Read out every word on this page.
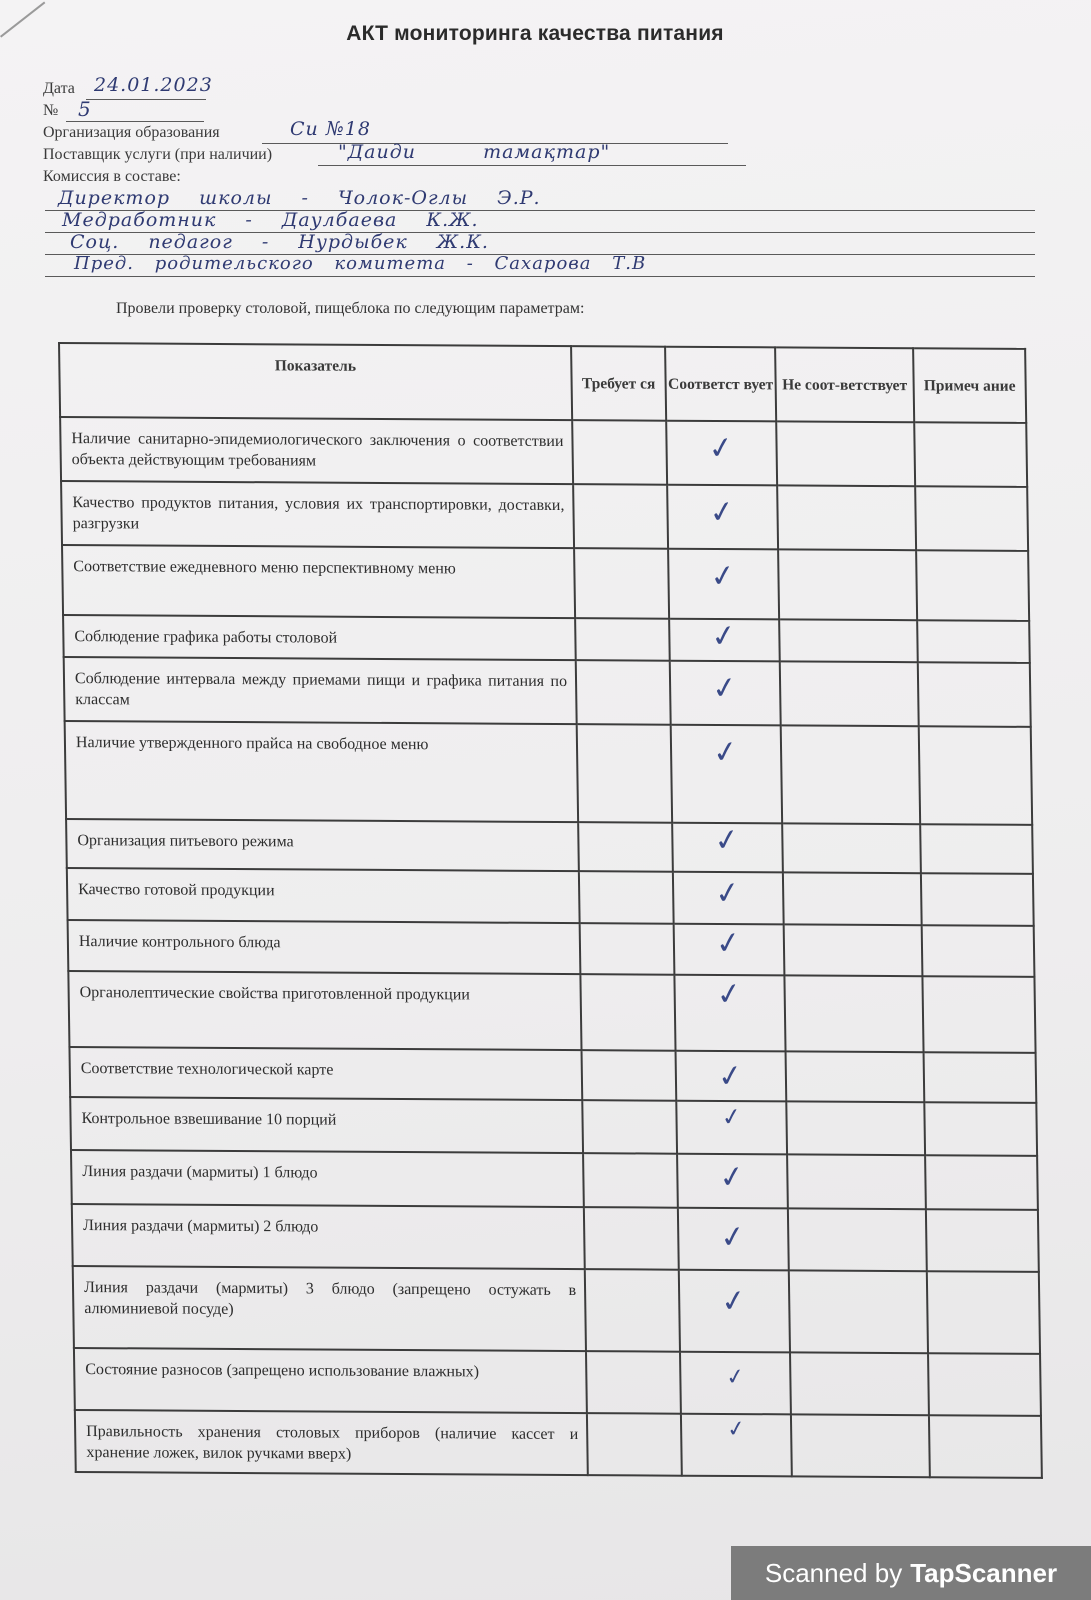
АКТ мониторинга качества питания
Дата 24.01.2023
№ 5
Организация образования	Си №18
Поставщик услуги (при наличии)	"Даиди тамақтар"
Комиссия в составе:
Директор школы - Чолок-Оглы Э.Р.
Медработник - Даулбаева К.Ж.
Соц. педагог - Нурдыбек Ж.К.
Пред. родительского комитета - Сахарова Т.В
Провели проверку столовой, пищеблока по следующим параметрам:
Показатель	Требует ся	Соответст вует	Не соот-ветствует	Примеч ание
Наличие санитарно-эпидемиологического заключения о соответствии объекта действующим требованиям		✓		
Качество продуктов питания, условия их транспортировки, доставки, разгрузки		✓		
Соответствие ежедневного меню перспективному меню		✓		
Соблюдение графика работы столовой		✓		
Соблюдение интервала между приемами пищи и графика питания по классам		✓		
Наличие утвержденного прайса на свободное меню		✓		
Организация питьевого режима		✓		
Качество готовой продукции		✓		
Наличие контрольного блюда		✓		
Органолептические свойства приготовленной продукции		✓		
Соответствие технологической карте		✓		
Контрольное взвешивание 10 порций		✓		
Линия раздачи (мармиты) 1 блюдо		✓		
Линия раздачи (мармиты) 2 блюдо		✓		
Линия раздачи (мармиты) 3 блюдо (запрещено остужать в алюминиевой посуде)		✓		
Состояние разносов (запрещено использование влажных)		✓		
Правильность хранения столовых приборов (наличие кассет и хранение ложек, вилок ручками вверх)		✓		
Scanned by TapScanner
